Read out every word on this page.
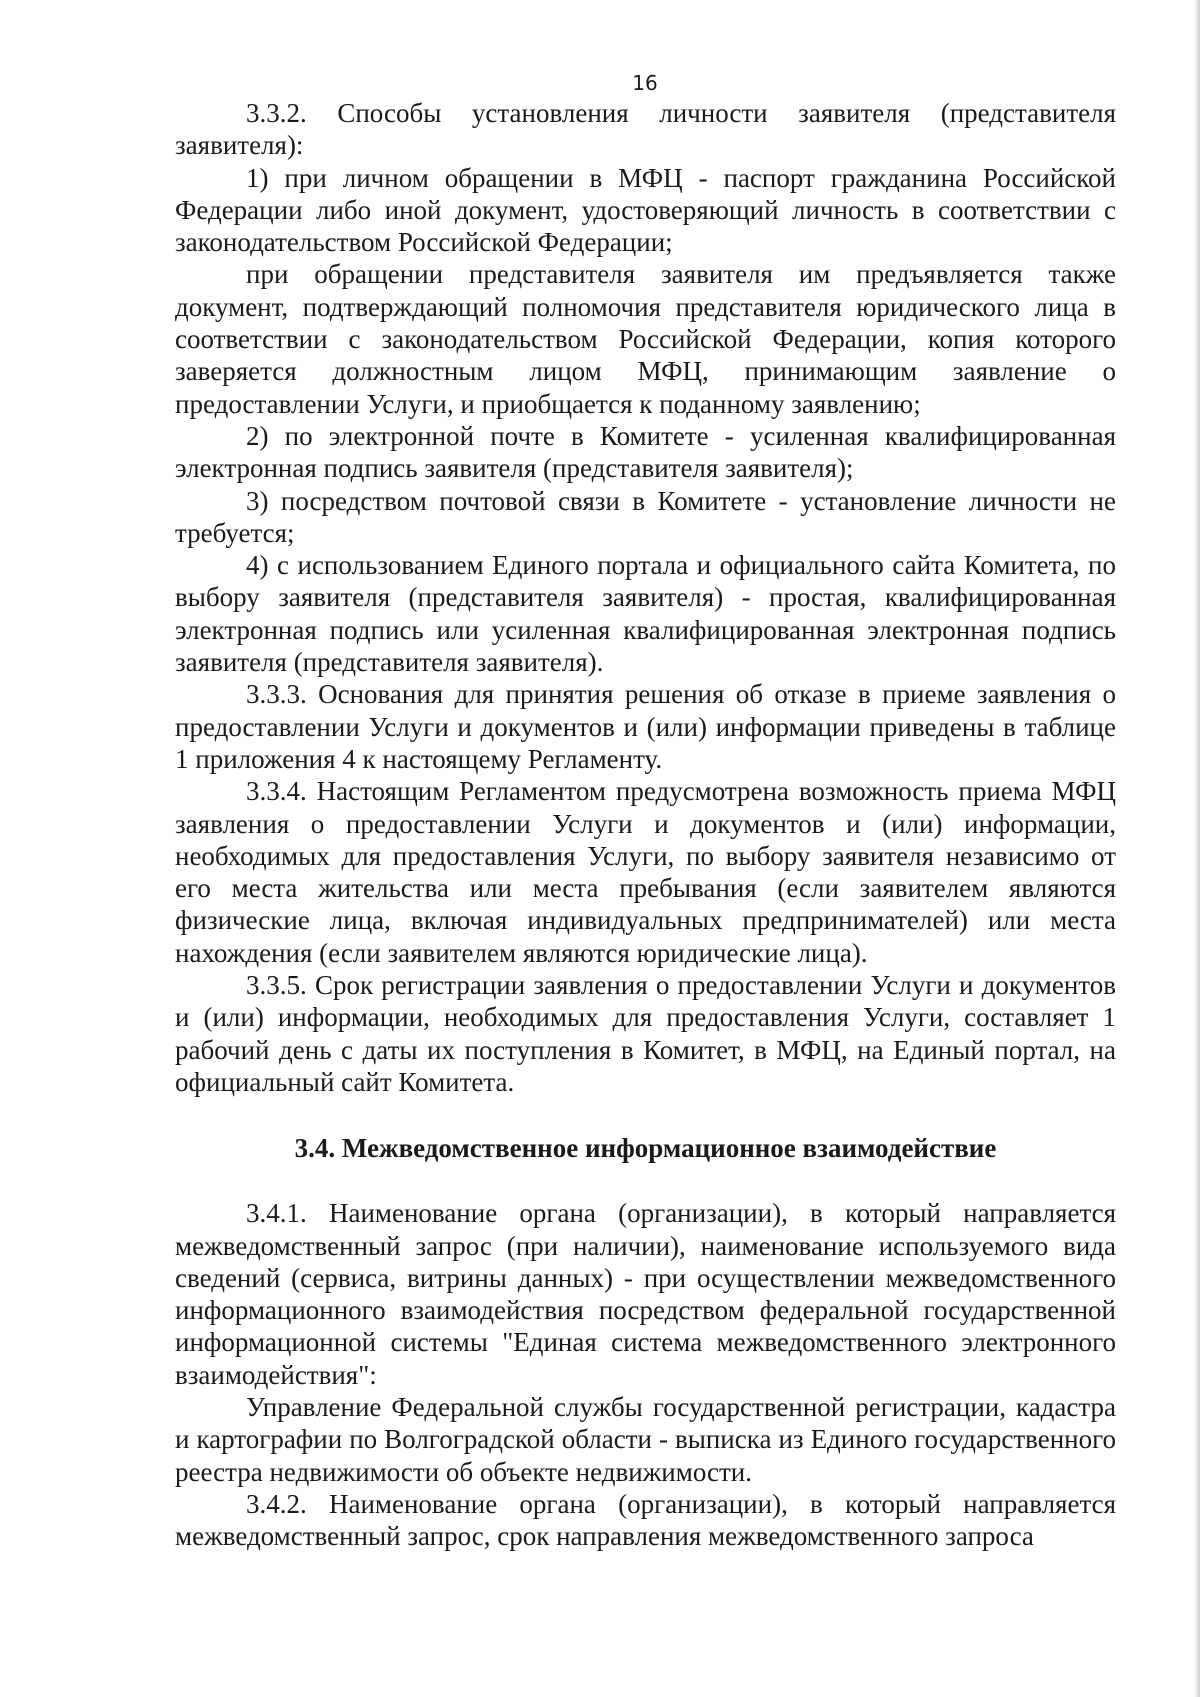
16

3.3.2. Способы установления личности заявителя (представителя заявителя):

1) при личном обращении в МФЦ - паспорт гражданина Российской Федерации либо иной документ, удостоверяющий личность в соответствии с законодательством Российской Федерации;

при обращении представителя заявителя им предъявляется также документ, подтверждающий полномочия представителя юридического лица в соответствии с законодательством Российской Федерации, копия которого заверяется должностным лицом МФЦ, принимающим заявление о предоставлении Услуги, и приобщается к поданному заявлению;

2) по электронной почте в Комитете - усиленная квалифицированная электронная подпись заявителя (представителя заявителя);

3) посредством почтовой связи в Комитете - установление личности не требуется;

4) с использованием Единого портала и официального сайта Комитета, по выбору заявителя (представителя заявителя) - простая, квалифицированная электронная подпись или усиленная квалифицированная электронная подпись заявителя (представителя заявителя).

3.3.3. Основания для принятия решения об отказе в приеме заявления о предоставлении Услуги и документов и (или) информации приведены в таблице 1 приложения 4 к настоящему Регламенту.

3.3.4. Настоящим Регламентом предусмотрена возможность приема МФЦ заявления о предоставлении Услуги и документов и (или) информации, необходимых для предоставления Услуги, по выбору заявителя независимо от его места жительства или места пребывания (если заявителем являются физические лица, включая индивидуальных предпринимателей) или места нахождения (если заявителем являются юридические лица).

3.3.5. Срок регистрации заявления о предоставлении Услуги и документов и (или) информации, необходимых для предоставления Услуги, составляет 1 рабочий день с даты их поступления в Комитет, в МФЦ, на Единый портал, на официальный сайт Комитета.

3.4. Межведомственное информационное взаимодействие

3.4.1. Наименование органа (организации), в который направляется межведомственный запрос (при наличии), наименование используемого вида сведений (сервиса, витрины данных) - при осуществлении межведомственного информационного взаимодействия посредством федеральной государственной информационной системы "Единая система межведомственного электронного взаимодействия":

Управление Федеральной службы государственной регистрации, кадастра и картографии по Волгоградской области - выписка из Единого государственного реестра недвижимости об объекте недвижимости.

3.4.2. Наименование органа (организации), в который направляется межведомственный запрос, срок направления межведомственного запроса
